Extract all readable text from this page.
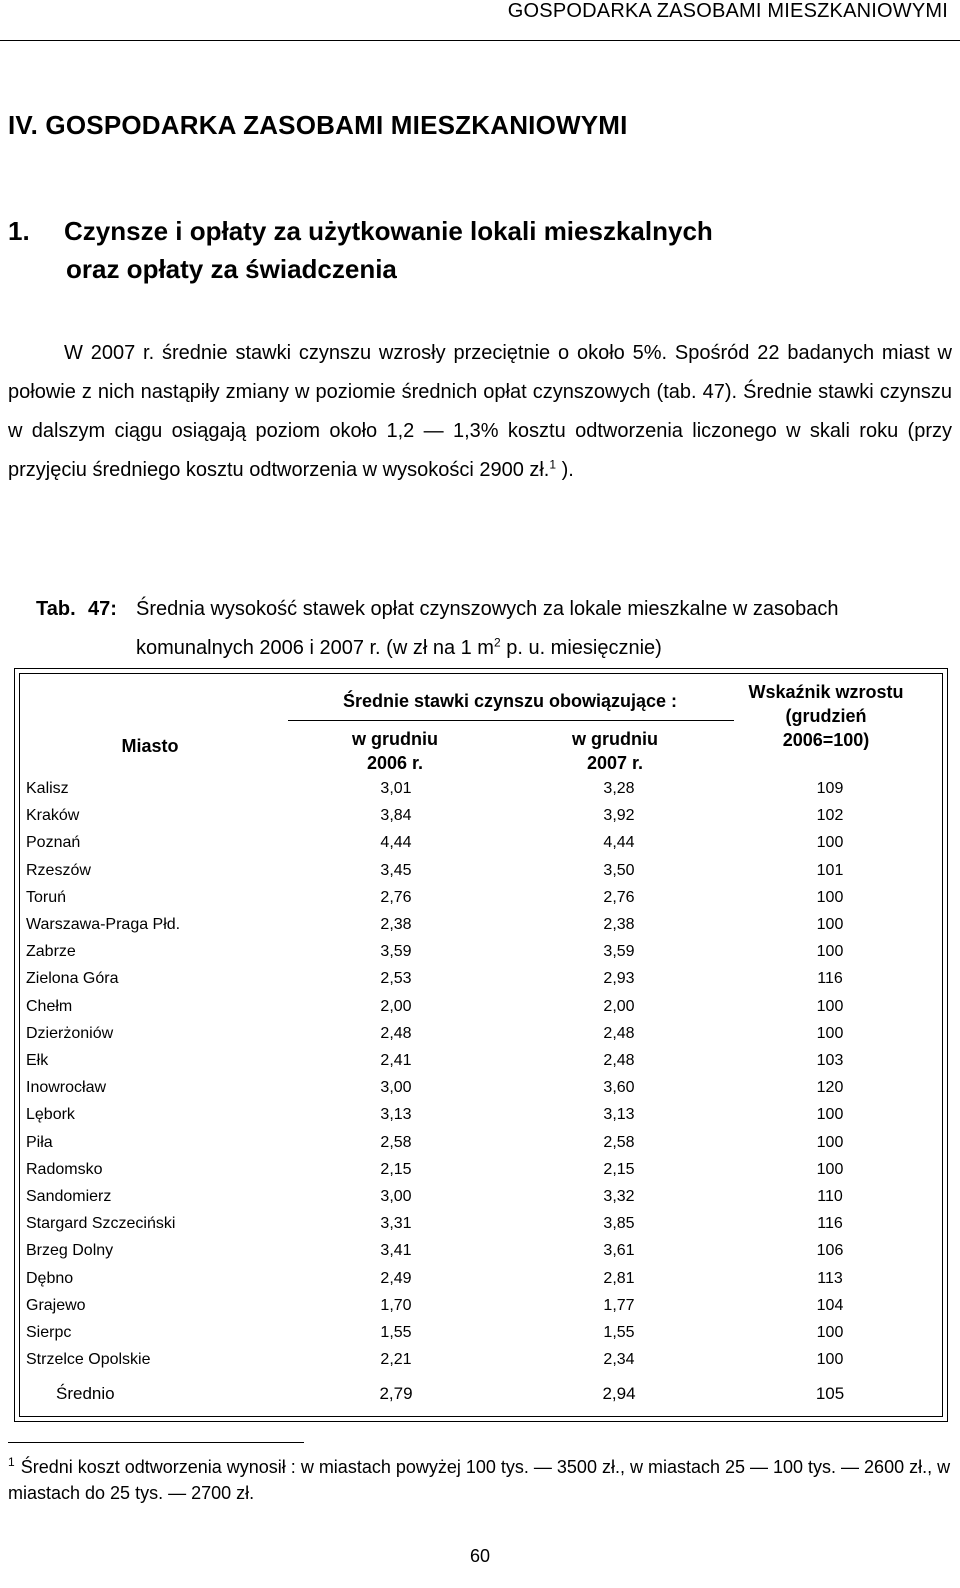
GOSPODARKA ZASOBAMI MIESZKANIOWYMI
IV. GOSPODARKA ZASOBAMI MIESZKANIOWYMI
1. Czynsze i opłaty za użytkowanie lokali mieszkalnych
oraz opłaty za świadczenia

W 2007 r. średnie stawki czynszu wzrosły przeciętnie o około 5%. Spośród 22 badanych miast w połowie z nich nastąpiły zmiany w poziomie średnich opłat czynszowych (tab. 47). Średnie stawki czynszu w dalszym ciągu osiągają poziom około 1,2 — 1,3% kosztu odtworzenia liczonego w skali roku (przy przyjęciu średniego kosztu odtworzenia w wysokości 2900 zł.$^1$ ).

Tab. 47: Średnia wysokość stawek opłat czynszowych za lokale mieszkalne w zasobach komunalnych 2006 i 2007 r. (w zł na 1 $m^2$ p. u. miesięcznie)
Miasto
Średnie stawki czynszu obowiązujące :
w grudniu
2006 r.
w grudniu
2007 r.
Wskaźnik wzrostu
(grudzień
2006=100)
Kalisz	3,01	3,28	109
Kraków	3,84	3,92	102
Poznań	4,44	4,44	100
Rzeszów	3,45	3,50	101
Toruń	2,76	2,76	100
Warszawa-Praga Płd.	2,38	2,38	100
Zabrze	3,59	3,59	100
Zielona Góra	2,53	2,93	116
Chełm	2,00	2,00	100
Dzierżoniów	2,48	2,48	100
Ełk	2,41	2,48	103
Inowrocław	3,00	3,60	120
Lębork	3,13	3,13	100
Piła	2,58	2,58	100
Radomsko	2,15	2,15	100
Sandomierz	3,00	3,32	110
Stargard Szczeciński	3,31	3,85	116
Brzeg Dolny	3,41	3,61	106
Dębno	2,49	2,81	113
Grajewo	1,70	1,77	104
Sierpc	1,55	1,55	100
Strzelce Opolskie	2,21	2,34	100
Średnio	2,79	2,94	105

$^1$ Średni koszt odtworzenia wynosił : w miastach powyżej 100 tys. — 3500 zł., w miastach 25 — 100 tys. — 2600 zł., w miastach do 25 tys. — 2700 zł.

60
